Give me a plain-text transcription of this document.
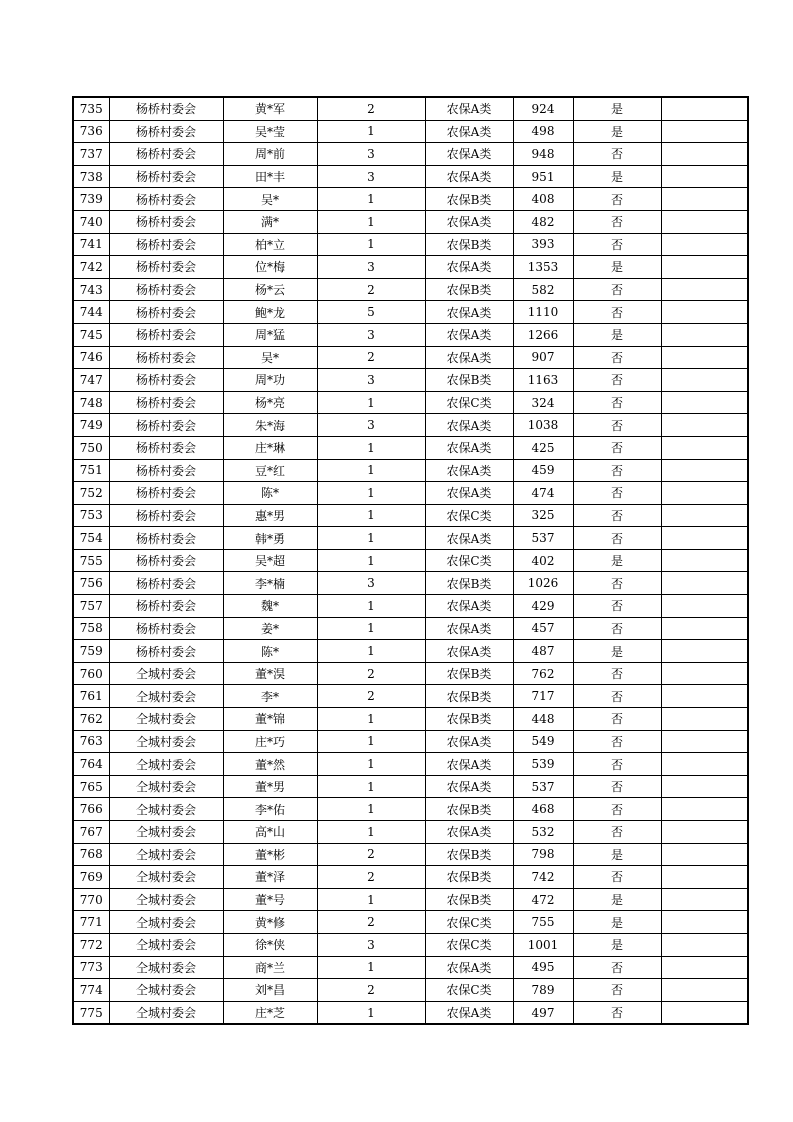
735	杨桥村委会	黄*军	2	农保A类	924	是	
736	杨桥村委会	吴*莹	1	农保A类	498	是	
737	杨桥村委会	周*前	3	农保A类	948	否	
738	杨桥村委会	田*丰	3	农保A类	951	是	
739	杨桥村委会	吴*	1	农保B类	408	否	
740	杨桥村委会	满*	1	农保A类	482	否	
741	杨桥村委会	柏*立	1	农保B类	393	否	
742	杨桥村委会	位*梅	3	农保A类	1353	是	
743	杨桥村委会	杨*云	2	农保B类	582	否	
744	杨桥村委会	鲍*龙	5	农保A类	1110	否	
745	杨桥村委会	周*猛	3	农保A类	1266	是	
746	杨桥村委会	吴*	2	农保A类	907	否	
747	杨桥村委会	周*功	3	农保B类	1163	否	
748	杨桥村委会	杨*亮	1	农保C类	324	否	
749	杨桥村委会	朱*海	3	农保A类	1038	否	
750	杨桥村委会	庄*琳	1	农保A类	425	否	
751	杨桥村委会	豆*红	1	农保A类	459	否	
752	杨桥村委会	陈*	1	农保A类	474	否	
753	杨桥村委会	惠*男	1	农保C类	325	否	
754	杨桥村委会	韩*勇	1	农保A类	537	否	
755	杨桥村委会	吴*超	1	农保C类	402	是	
756	杨桥村委会	李*楠	3	农保B类	1026	否	
757	杨桥村委会	魏*	1	农保A类	429	否	
758	杨桥村委会	姜*	1	农保A类	457	否	
759	杨桥村委会	陈*	1	农保A类	487	是	
760	仝城村委会	董*淏	2	农保B类	762	否	
761	仝城村委会	李*	2	农保B类	717	否	
762	仝城村委会	董*锦	1	农保B类	448	否	
763	仝城村委会	庄*巧	1	农保A类	549	否	
764	仝城村委会	董*然	1	农保A类	539	否	
765	仝城村委会	董*男	1	农保A类	537	否	
766	仝城村委会	李*佑	1	农保B类	468	否	
767	仝城村委会	高*山	1	农保A类	532	否	
768	仝城村委会	董*彬	2	农保B类	798	是	
769	仝城村委会	董*泽	2	农保B类	742	否	
770	仝城村委会	董*号	1	农保B类	472	是	
771	仝城村委会	黄*修	2	农保C类	755	是	
772	仝城村委会	徐*侠	3	农保C类	1001	是	
773	仝城村委会	商*兰	1	农保A类	495	否	
774	仝城村委会	刘*昌	2	农保C类	789	否	
775	仝城村委会	庄*芝	1	农保A类	497	否	
